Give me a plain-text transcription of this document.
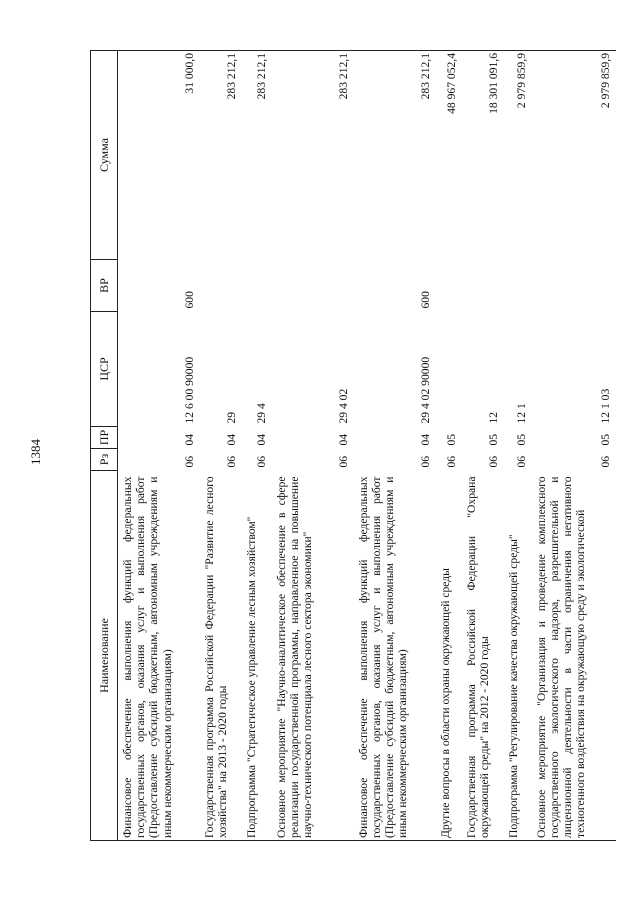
1384
Наименование	Рз	ПР	ЦСР	ВР	Сумма
Финансовое обеспечение выполнения функций федеральных государственных органов, оказания услуг и выполнения работ (Предоставление субсидий бюджетным, автономным учреждениям и иным некоммерческим организациям)	06	04	12 6 00 90000	600	31 000,0
Государственная программа Российской Федерации "Развитие лесного хозяйства" на 2013 - 2020 годы	06	04	29		283 212,1
Подпрограмма "Стратегическое управление лесным хозяйством"	06	04	29 4		283 212,1
Основное мероприятие "Научно-аналитическое обеспечение в сфере реализации государственной программы, направленное на повышение научно-технического потенциала лесного сектора экономики"	06	04	29 4 02		283 212,1
Финансовое обеспечение выполнения функций федеральных государственных органов, оказания услуг и выполнения работ (Предоставление субсидий бюджетным, автономным учреждениям и иным некоммерческим организациям)	06	04	29 4 02 90000	600	283 212,1
Другие вопросы в области охраны окружающей среды	06	05			48 967 052,4
Государственная программа Российской Федерации "Охрана окружающей среды" на 2012 - 2020 годы	06	05	12		18 301 091,6
Подпрограмма "Регулирование качества окружающей среды"	06	05	12 1		2 979 859,9
Основное мероприятие "Организация и проведение комплексного государственного экологического надзора, разрешительной и лицензионной деятельности в части ограничения негативного техногенного воздействия на окружающую среду и экологической	06	05	12 1 03		2 979 859,9
